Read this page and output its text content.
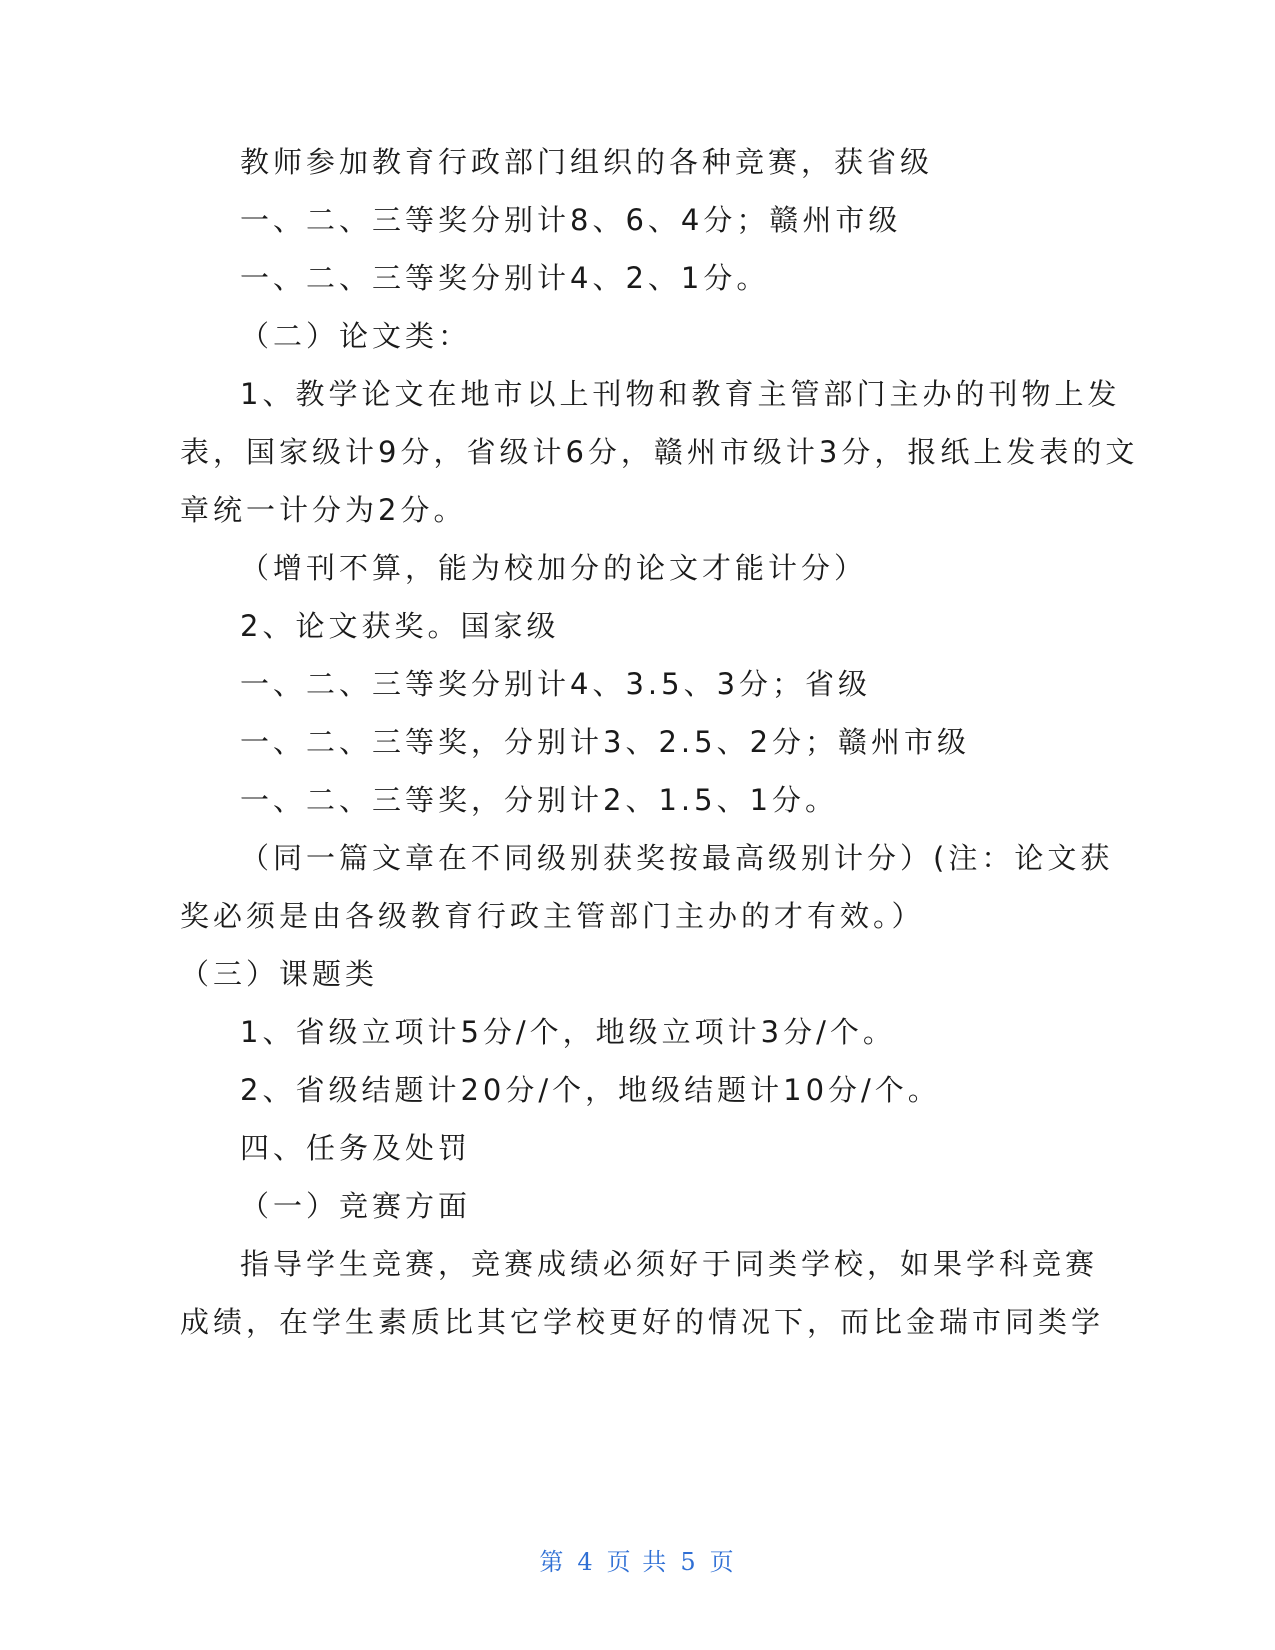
教师参加教育行政部门组织的各种竞赛，获省级
一、二、三等奖分别计8、6、4分；赣州市级
一、二、三等奖分别计4、2、1分。
（二）论文类：
1、教学论文在地市以上刊物和教育主管部门主办的刊物上发
表，国家级计9分，省级计6分，赣州市级计3分，报纸上发表的文
章统一计分为2分。
（增刊不算，能为校加分的论文才能计分）
2、论文获奖。国家级
一、二、三等奖分别计4、3.5、3分；省级
一、二、三等奖，分别计3、2.5、2分；赣州市级
一、二、三等奖，分别计2、1.5、1分。
（同一篇文章在不同级别获奖按最高级别计分）(注：论文获
奖必须是由各级教育行政主管部门主办的才有效。）
（三）课题类
1、省级立项计5分/个，地级立项计3分/个。
2、省级结题计20分/个，地级结题计10分/个。
四、任务及处罚
（一）竞赛方面
指导学生竞赛，竞赛成绩必须好于同类学校，如果学科竞赛
成绩，在学生素质比其它学校更好的情况下，而比金瑞市同类学
第 4 页 共 5 页
